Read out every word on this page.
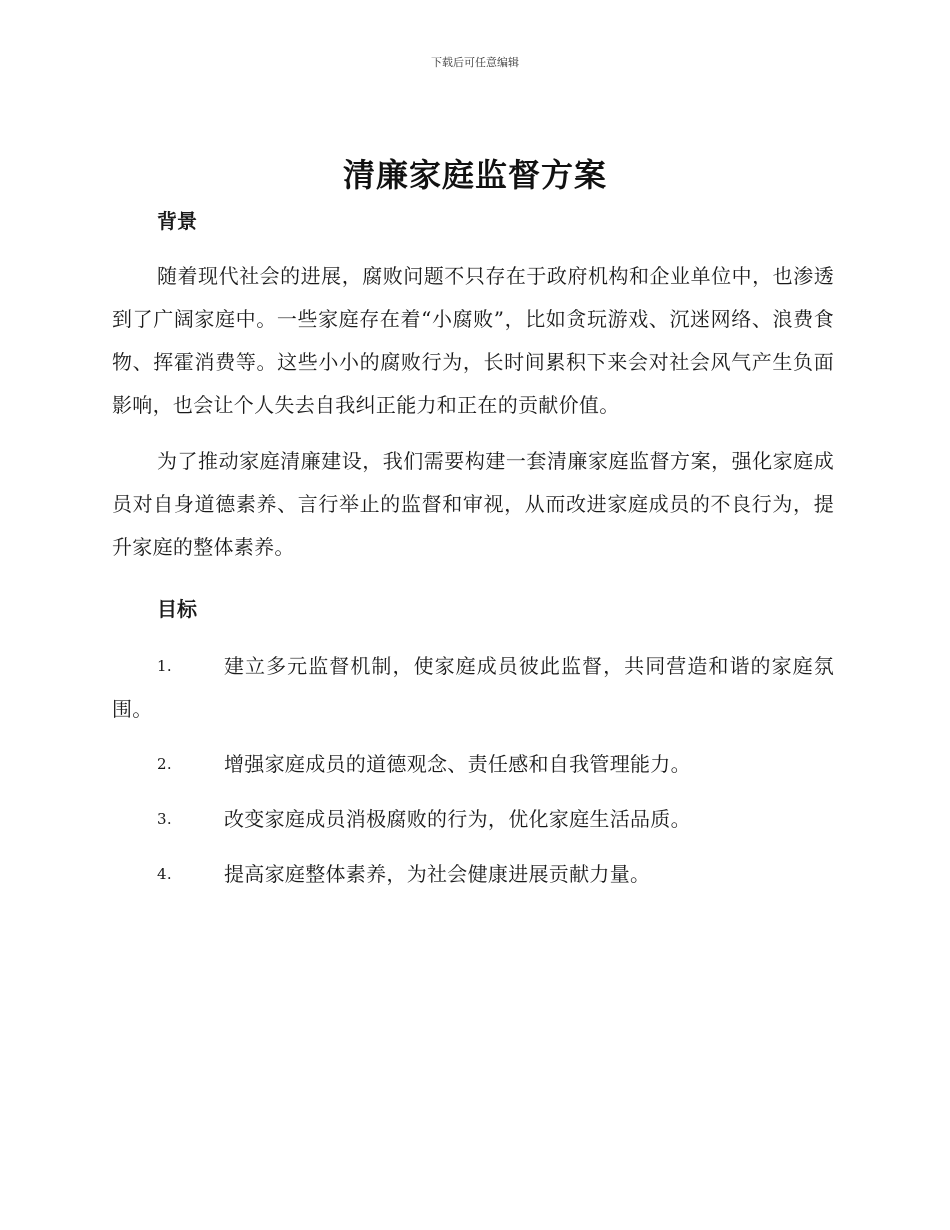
下载后可任意编辑
清廉家庭监督方案
背景

随着现代社会的进展，腐败问题不只存在于政府机构和企业单位中，也渗透到了广阔家庭中。一些家庭存在着“小腐败”，比如贪玩游戏、沉迷网络、浪费食物、挥霍消费等。这些小小的腐败行为，长时间累积下来会对社会风气产生负面影响，也会让个人失去自我纠正能力和正在的贡献价值。

为了推动家庭清廉建设，我们需要构建一套清廉家庭监督方案，强化家庭成员对自身道德素养、言行举止的监督和审视，从而改进家庭成员的不良行为，提升家庭的整体素养。

目标
1.	建立多元监督机制，使家庭成员彼此监督，共同营造和谐的家庭氛围。
2.	增强家庭成员的道德观念、责任感和自我管理能力。
3.	改变家庭成员消极腐败的行为，优化家庭生活品质。
4.	提高家庭整体素养，为社会健康进展贡献力量。
